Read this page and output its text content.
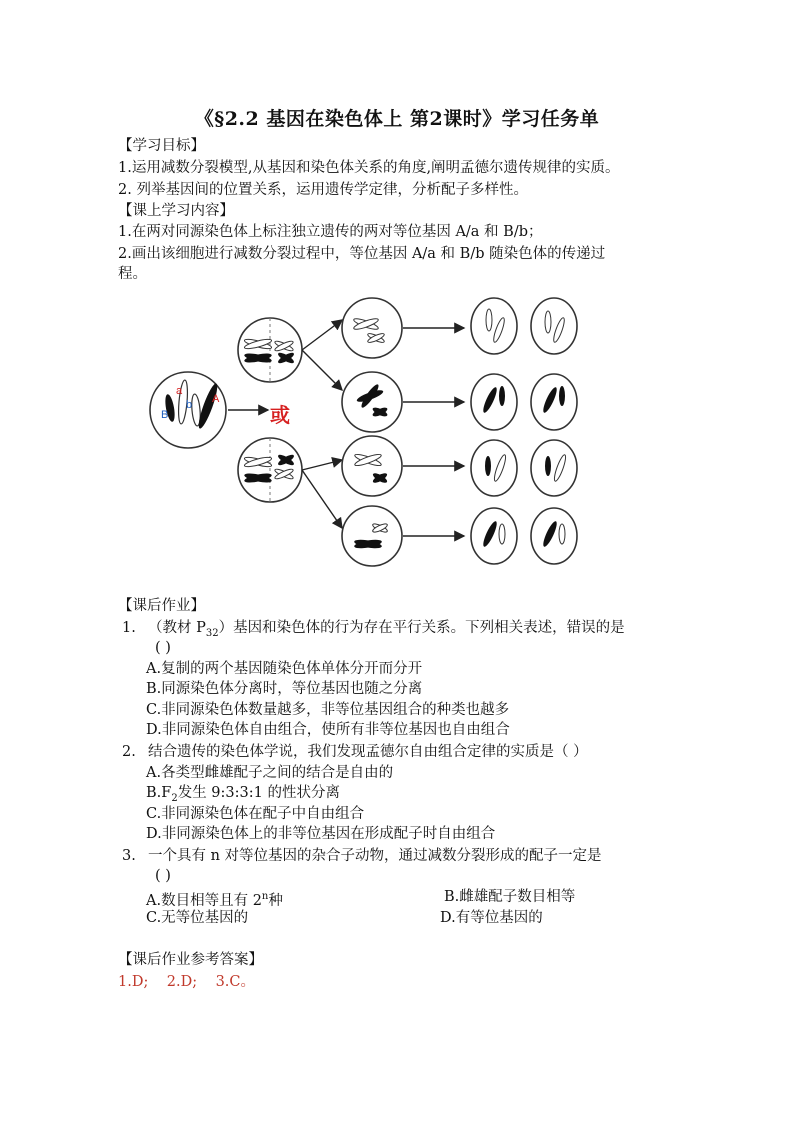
《§2.2 基因在染色体上 第2课时》学习任务单
【学习目标】
1.运用减数分裂模型,从基因和染色体关系的角度,阐明孟德尔遗传规律的实质。
2. 列举基因间的位置关系，运用遗传学定律，分析配子多样性。
【课上学习内容】
1.在两对同源染色体上标注独立遗传的两对等位基因 A/a 和 B/b；
2.画出该细胞进行减数分裂过程中，等位基因 A/a 和 B/b 随染色体的传递过
程。
a
b
B
A
或
【课后作业】
1. （教材 $P_{32}$）基因和染色体的行为存在平行关系。下列相关表述，错误的是
( )
A.复制的两个基因随染色体单体分开而分开
B.同源染色体分离时，等位基因也随之分离
C.非同源染色体数量越多，非等位基因组合的种类也越多
D.非同源染色体自由组合，使所有非等位基因也自由组合
2. 结合遗传的染色体学说，我们发现孟德尔自由组合定律的实质是（ ）
A.各类型雌雄配子之间的结合是自由的
$B.F_2$发生 9:3:3:1 的性状分离
C.非同源染色体在配子中自由组合
D.非同源染色体上的非等位基因在形成配子时自由组合
3. 一个具有 n 对等位基因的杂合子动物，通过减数分裂形成的配子一定是
( )
A.数目相等且有 2$^n$种	B.雌雄配子数目相等
C.无等位基因的	D.有等位基因的
【课后作业参考答案】
1.D;    2.D;    3.C。
